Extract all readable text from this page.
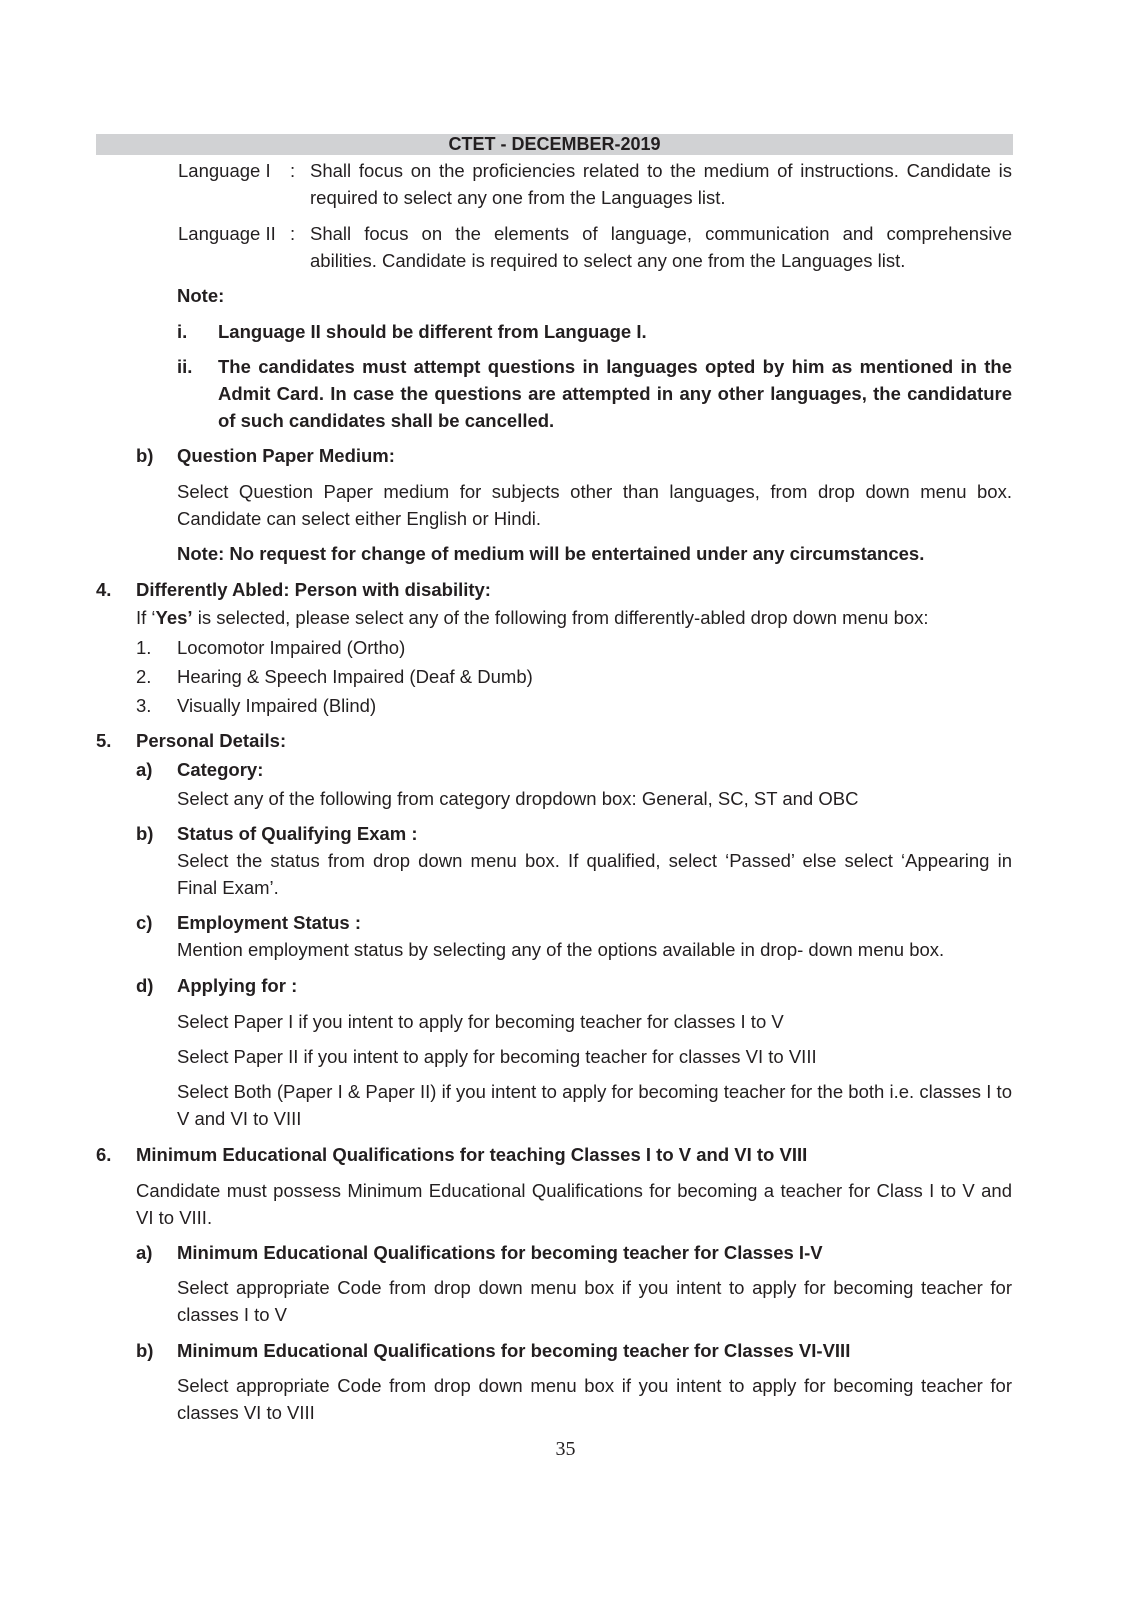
CTET - DECEMBER-2019
Language I : Shall focus on the proficiencies related to the medium of instructions. Candidate is required to select any one from the Languages list.
Language II : Shall focus on the elements of language, communication and comprehensive abilities. Candidate is required to select any one from the Languages list.
Note:
i. Language II should be different from Language I.
ii. The candidates must attempt questions in languages opted by him as mentioned in the Admit Card. In case the questions are attempted in any other languages, the candidature of such candidates shall be cancelled.
b) Question Paper Medium:
Select Question Paper medium for subjects other than languages, from drop down menu box. Candidate can select either English or Hindi.
Note: No request for change of medium will be entertained under any circumstances.
4. Differently Abled: Person with disability:
If ‘Yes’ is selected, please select any of the following from differently-abled drop down menu box:
1. Locomotor Impaired (Ortho)
2. Hearing & Speech Impaired (Deaf & Dumb)
3. Visually Impaired (Blind)
5. Personal Details:
a) Category:
Select any of the following from category dropdown box: General, SC, ST and OBC
b) Status of Qualifying Exam :
Select the status from drop down menu box. If qualified, select ‘Passed’ else select ‘Appearing in Final Exam’.
c) Employment Status :
Mention employment status by selecting any of the options available in drop- down menu box.
d) Applying for :
Select Paper I if you intent to apply for becoming teacher for classes I to V
Select Paper II if you intent to apply for becoming teacher for classes VI to VIII
Select Both (Paper I & Paper II) if you intent to apply for becoming teacher for the both i.e. classes I to V and VI to VIII
6. Minimum Educational Qualifications for teaching Classes I to V and VI to VIII
Candidate must possess Minimum Educational Qualifications for becoming a teacher for Class I to V and VI to VIII.
a) Minimum Educational Qualifications for becoming teacher for Classes I-V
Select appropriate Code from drop down menu box if you intent to apply for becoming teacher for classes I to V
b) Minimum Educational Qualifications for becoming teacher for Classes VI-VIII
Select appropriate Code from drop down menu box if you intent to apply for becoming teacher for classes VI to VIII
35
